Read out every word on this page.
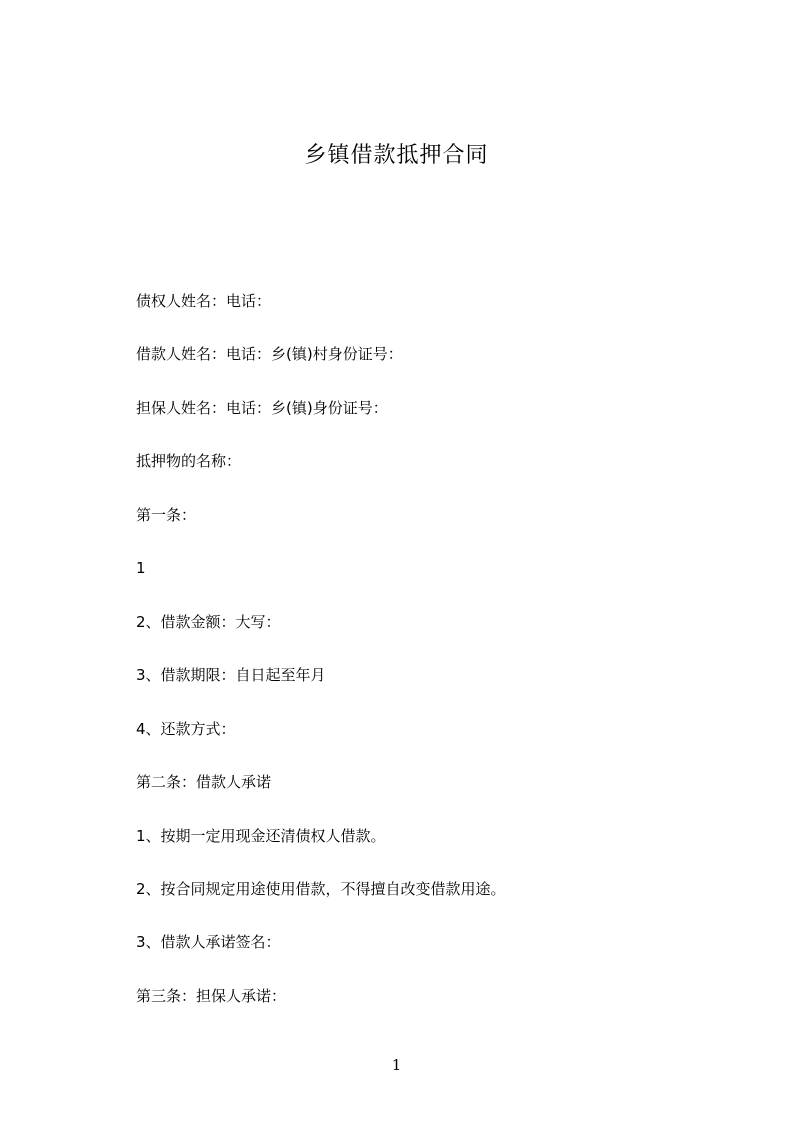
乡镇借款抵押合同
债权人姓名：电话：
借款人姓名：电话：乡(镇)村身份证号：
担保人姓名：电话：乡(镇)身份证号：
抵押物的名称：
第一条：
1
2、借款金额：大写：
3、借款期限：自日起至年月
4、还款方式：
第二条：借款人承诺
1、按期一定用现金还清债权人借款。
2、按合同规定用途使用借款，不得擅自改变借款用途。
3、借款人承诺签名：
第三条：担保人承诺：
1
